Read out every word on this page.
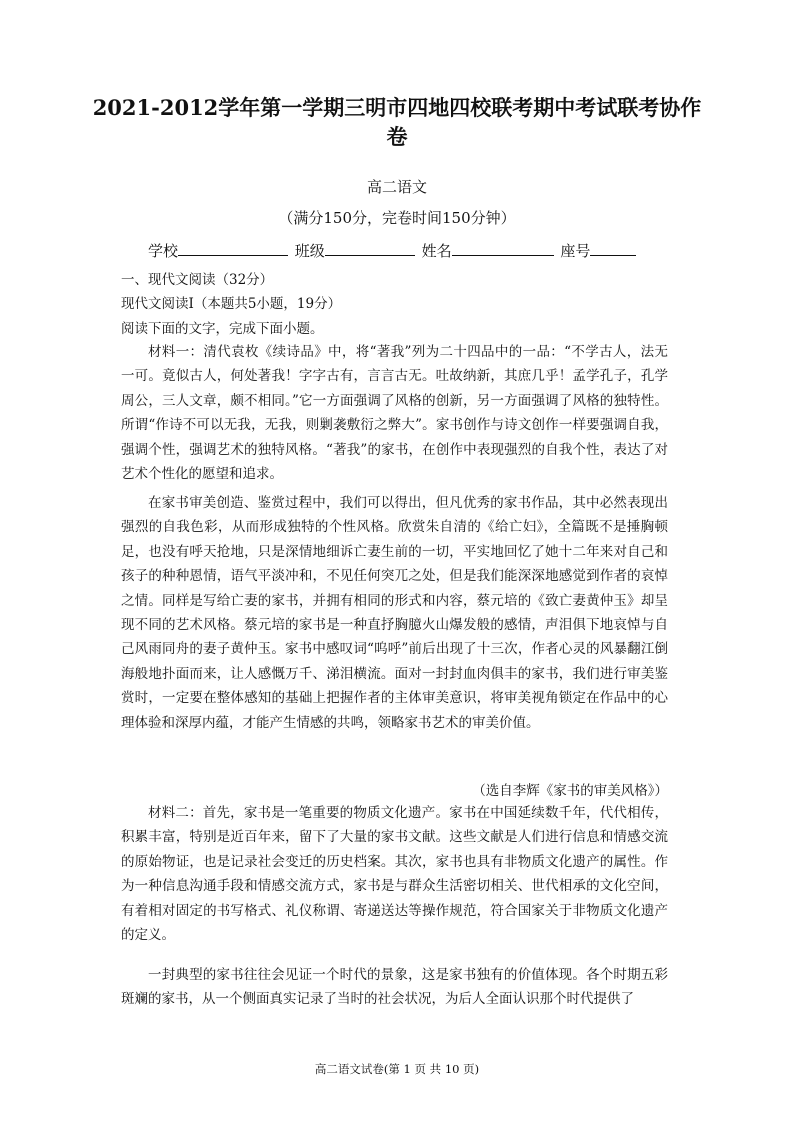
2021-2012学年第一学期三明市四地四校联考期中考试联考协作卷
高二语文
（满分150分，完卷时间150分钟）
学校	班级	姓名	座号
一、现代文阅读（32分）
现代文阅读Ⅰ（本题共5小题，19分）
阅读下面的文字，完成下面小题。

材料一：清代袁枚《续诗品》中，将“著我”列为二十四品中的一品：“不学古人，法无一可。竟似古人，何处著我！字字古有，言言古无。吐故纳新，其庶几乎！孟学孔子，孔学周公，三人文章，颇不相同。”它一方面强调了风格的创新，另一方面强调了风格的独特性。所谓“作诗不可以无我，无我，则剿袭敷衍之弊大”。家书创作与诗文创作一样要强调自我，强调个性，强调艺术的独特风格。“著我”的家书，在创作中表现强烈的自我个性，表达了对艺术个性化的愿望和追求。

在家书审美创造、鉴赏过程中，我们可以得出，但凡优秀的家书作品，其中必然表现出强烈的自我色彩，从而形成独特的个性风格。欣赏朱自清的《给亡妇》，全篇既不是捶胸顿足，也没有呼天抢地，只是深情地细诉亡妻生前的一切，平实地回忆了她十二年来对自己和孩子的种种恩情，语气平淡冲和，不见任何突兀之处，但是我们能深深地感觉到作者的哀悼之情。同样是写给亡妻的家书，并拥有相同的形式和内容，蔡元培的《致亡妻黄仲玉》却呈现不同的艺术风格。蔡元培的家书是一种直抒胸臆火山爆发般的感情，声泪俱下地哀悼与自己风雨同舟的妻子黄仲玉。家书中感叹词“呜呼”前后出现了十三次，作者心灵的风暴翻江倒海般地扑面而来，让人感慨万千、涕泪横流。面对一封封血肉俱丰的家书，我们进行审美鉴赏时，一定要在整体感知的基础上把握作者的主体审美意识，将审美视角锁定在作品中的心理体验和深厚内蕴，才能产生情感的共鸣，领略家书艺术的审美价值。

（选自李辉《家书的审美风格》）

材料二：首先，家书是一笔重要的物质文化遗产。家书在中国延续数千年，代代相传，积累丰富，特别是近百年来，留下了大量的家书文献。这些文献是人们进行信息和情感交流的原始物证，也是记录社会变迁的历史档案。其次，家书也具有非物质文化遗产的属性。作为一种信息沟通手段和情感交流方式，家书是与群众生活密切相关、世代相承的文化空间，有着相对固定的书写格式、礼仪称谓、寄递送达等操作规范，符合国家关于非物质文化遗产的定义。

一封典型的家书往往会见证一个时代的景象，这是家书独有的价值体现。各个时期五彩斑斓的家书，从一个侧面真实记录了当时的社会状况，为后人全面认识那个时代提供了

高二语文试卷(第 1 页 共 10 页)
